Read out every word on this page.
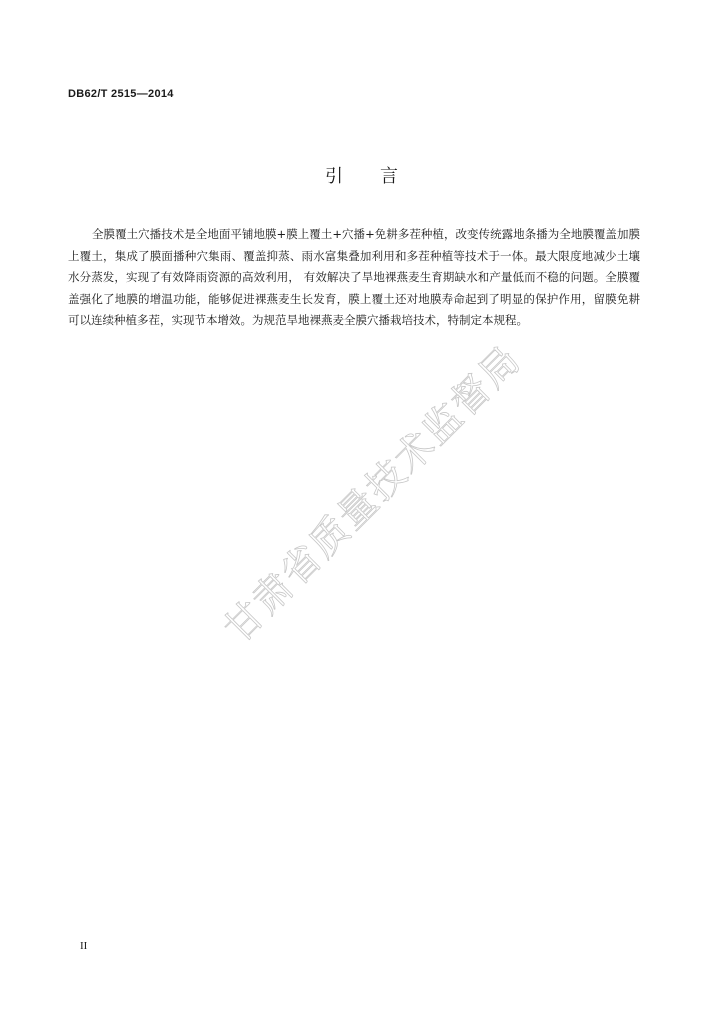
DB62/T 2515—2014
引 言

全膜覆土穴播技术是全地面平铺地膜+膜上覆土+穴播+免耕多茬种植，改变传统露地条播为全地膜覆盖加膜上覆土，集成了膜面播种穴集雨、覆盖抑蒸、雨水富集叠加利用和多茬种植等技术于一体。最大限度地减少土壤水分蒸发，实现了有效降雨资源的高效利用， 有效解决了旱地裸燕麦生育期缺水和产量低而不稳的问题。全膜覆盖强化了地膜的增温功能，能够促进裸燕麦生长发育，膜上覆土还对地膜寿命起到了明显的保护作用，留膜免耕可以连续种植多茬，实现节本增效。为规范旱地裸燕麦全膜穴播栽培技术，特制定本规程。

甘肃省质量技术监督局
II
